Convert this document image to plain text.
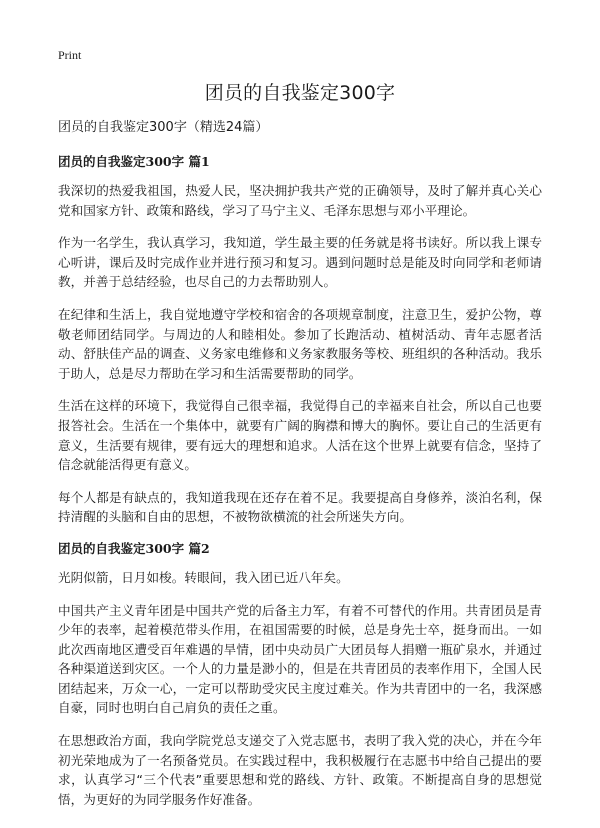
Print
团员的自我鉴定300字
团员的自我鉴定300字（精选24篇）
团员的自我鉴定300字 篇1

我深切的热爱我祖国，热爱人民，坚决拥护我共产党的正确领导，及时了解并真心关心党和国家方针、政策和路线，学习了马宁主义、毛泽东思想与邓小平理论。

作为一名学生，我认真学习，我知道，学生最主要的任务就是将书读好。所以我上课专心听讲，课后及时完成作业并进行预习和复习。遇到问题时总是能及时向同学和老师请教，并善于总结经验，也尽自己的力去帮助别人。

在纪律和生活上，我自觉地遵守学校和宿舍的各项规章制度，注意卫生，爱护公物，尊敬老师团结同学。与周边的人和睦相处。参加了长跑活动、植树活动、青年志愿者活动、舒肤佳产品的调查、义务家电维修和义务家教服务等校、班组织的各种活动。我乐于助人，总是尽力帮助在学习和生活需要帮助的同学。

生活在这样的环境下，我觉得自己很幸福，我觉得自己的幸福来自社会，所以自己也要报答社会。生活在一个集体中，就要有广阔的胸襟和博大的胸怀。要让自己的生活更有意义，生活要有规律，要有远大的理想和追求。人活在这个世界上就要有信念，坚持了信念就能活得更有意义。

每个人都是有缺点的，我知道我现在还存在着不足。我要提高自身修养，淡泊名利，保持清醒的头脑和自由的思想，不被物欲横流的社会所迷失方向。

团员的自我鉴定300字 篇2

光阴似箭，日月如梭。转眼间，我入团已近八年矣。

中国共产主义青年团是中国共产党的后备主力军，有着不可替代的作用。共青团员是青少年的表率，起着模范带头作用，在祖国需要的时候，总是身先士卒，挺身而出。一如此次西南地区遭受百年难遇的旱情，团中央动员广大团员每人捐赠一瓶矿泉水，并通过各种渠道送到灾区。一个人的力量是渺小的，但是在共青团员的表率作用下，全国人民团结起来，万众一心，一定可以帮助受灾民主度过难关。作为共青团中的一名，我深感自豪，同时也明白自己肩负的责任之重。

在思想政治方面，我向学院党总支递交了入党志愿书，表明了我入党的决心，并在今年初光荣地成为了一名预备党员。在实践过程中，我积极履行在志愿书中给自己提出的要求，认真学习“三个代表”重要思想和党的路线、方针、政策。不断提高自身的思想觉悟，为更好的为同学服务作好准备。
